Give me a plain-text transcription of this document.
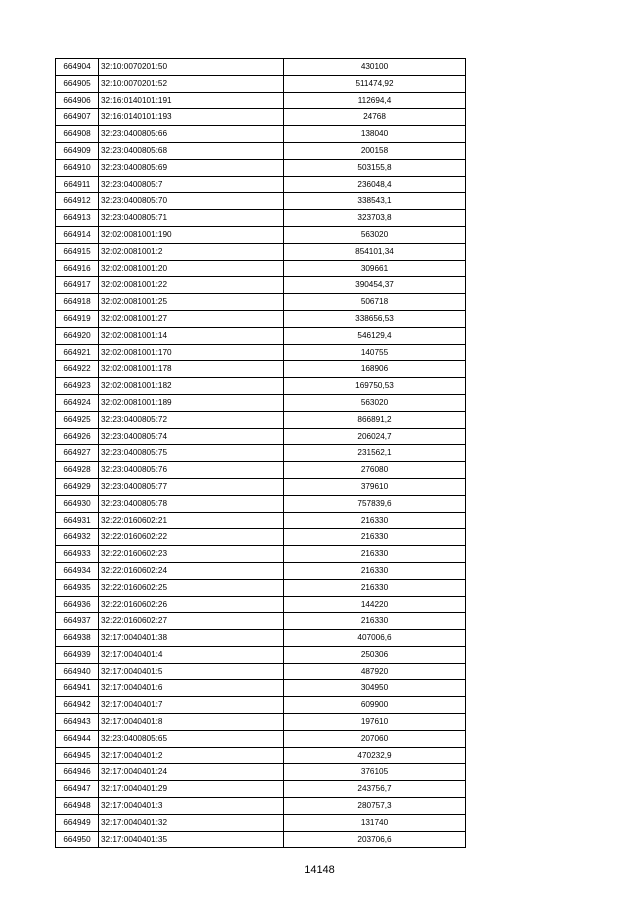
664904	32:10:0070201:50	430100
664905	32:10:0070201:52	511474,92
664906	32:16:0140101:191	112694,4
664907	32:16:0140101:193	24768
664908	32:23:0400805:66	138040
664909	32:23:0400805:68	200158
664910	32:23:0400805:69	503155,8
664911	32:23:0400805:7	236048,4
664912	32:23:0400805:70	338543,1
664913	32:23:0400805:71	323703,8
664914	32:02:0081001:190	563020
664915	32:02:0081001:2	854101,34
664916	32:02:0081001:20	309661
664917	32:02:0081001:22	390454,37
664918	32:02:0081001:25	506718
664919	32:02:0081001:27	338656,53
664920	32:02:0081001:14	546129,4
664921	32:02:0081001:170	140755
664922	32:02:0081001:178	168906
664923	32:02:0081001:182	169750,53
664924	32:02:0081001:189	563020
664925	32:23:0400805:72	866891,2
664926	32:23:0400805:74	206024,7
664927	32:23:0400805:75	231562,1
664928	32:23:0400805:76	276080
664929	32:23:0400805:77	379610
664930	32:23:0400805:78	757839,6
664931	32:22:0160602:21	216330
664932	32:22:0160602:22	216330
664933	32:22:0160602:23	216330
664934	32:22:0160602:24	216330
664935	32:22:0160602:25	216330
664936	32:22:0160602:26	144220
664937	32:22:0160602:27	216330
664938	32:17:0040401:38	407006,6
664939	32:17:0040401:4	250306
664940	32:17:0040401:5	487920
664941	32:17:0040401:6	304950
664942	32:17:0040401:7	609900
664943	32:17:0040401:8	197610
664944	32:23:0400805:65	207060
664945	32:17:0040401:2	470232,9
664946	32:17:0040401:24	376105
664947	32:17:0040401:29	243756,7
664948	32:17:0040401:3	280757,3
664949	32:17:0040401:32	131740
664950	32:17:0040401:35	203706,6
14148
